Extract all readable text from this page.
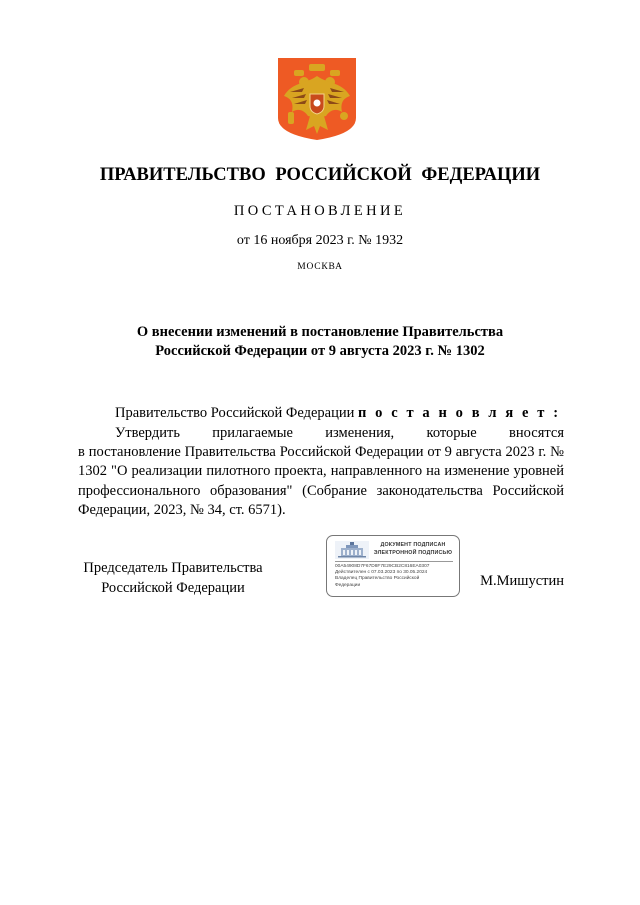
ПРАВИТЕЛЬСТВО РОССИЙСКОЙ ФЕДЕРАЦИИ
ПОСТАНОВЛЕНИЕ
от 16 ноября 2023 г. № 1932
МОСКВА
О внесении изменений в постановление Правительства
Российской Федерации от 9 августа 2023 г. № 1302
Правительство Российской Федерации п о с т а н о в л я е т :
Утвердить прилагаемые изменения, которые вносятся
в постановление Правительства Российской Федерации от 9 августа 2023 г. № 1302 "О реализации пилотного проекта, направленного на изменение уровней профессионального образования" (Собрание законодательства Российской Федерации, 2023, № 34, ст. 6571).
Председатель Правительства
Российской Федерации
ДОКУМЕНТ ПОДПИСАН
ЭЛЕКТРОННОЙ ПОДПИСЬЮ
00A54908D7F67D8F7E29CB2C816EA0307
Действителен с 07.03.2023 по 30.05.2024
Владелец Правительство Российской
Федерации	М.Мишустин
